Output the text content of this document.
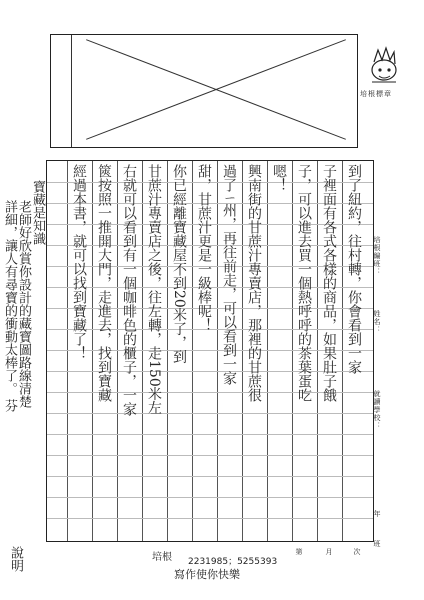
培根標章
到了紐約，往村轉，你會看到一家
子裡面有各式各樣的商品，如果肚子餓
子，可以進去買一個熱呼呼的茶葉蛋吃
嗯！
興南街的甘蔗汁專賣店，那裡的甘蔗很
過了ㄧ州，再往前走，可以看到一家
甜，甘蔗汁更是一級棒呢！
你已經離寶藏屋不到20米了，到
甘蔗汁專賣店之後，往左轉，走150米左
右就可以看到有一個咖啡色的櫃子，一家
篋按照一推開大門，走進去，找到寶藏
經過本書，就可以找到寶藏了！
寶藏是知識
老師好欣賞你設計的藏寶圖路線清楚
詳細，讓人有尋寶的衝動太棒了。 芬
說明
培根編班：
姓名：
就讀學校：
年
班
第	月	次
培根 2231985；5255393
寫作使你快樂
